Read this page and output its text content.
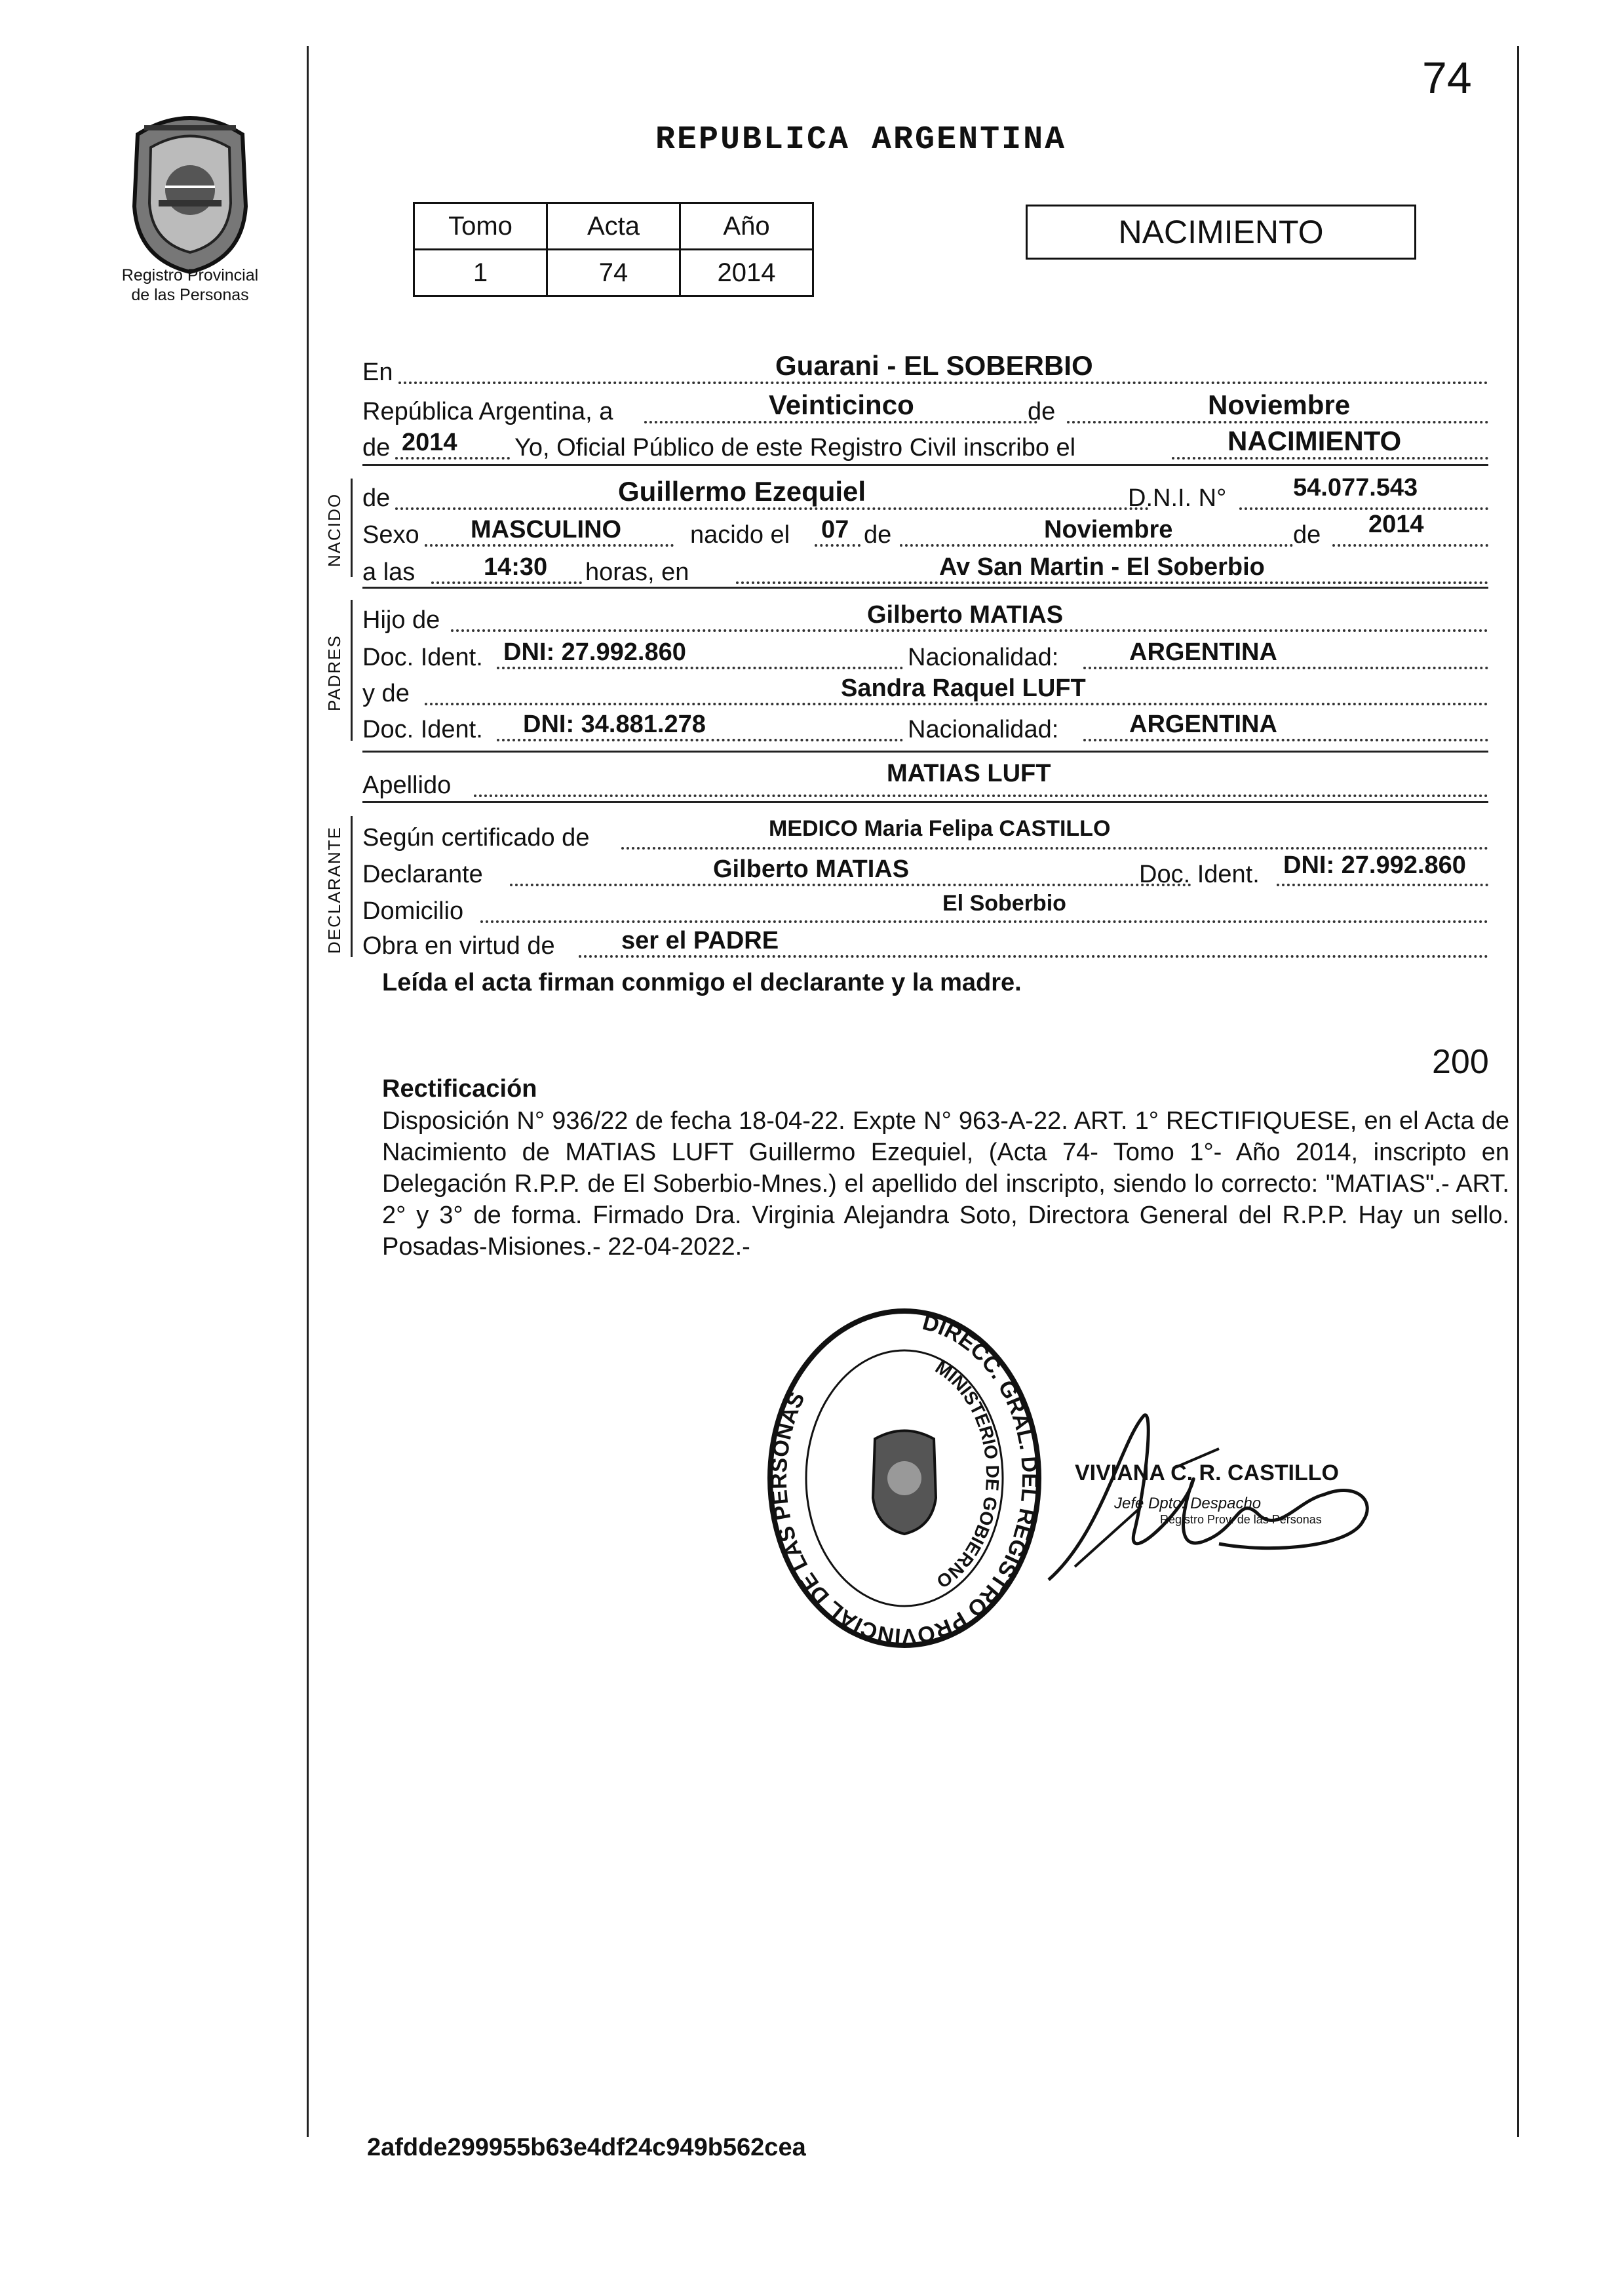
Registro Provincial
de las Personas
74
REPUBLICA ARGENTINA
Tomo	Acta	Año
1	74	2014
NACIMIENTO
En	Guarani - EL SOBERBIO
República Argentina, a	Veinticinco	de	Noviembre
de 2014 Yo, Oficial Público de este Registro Civil inscribo el	NACIMIENTO
NACIDO de	Guillermo Ezequiel	D.N.I. N°	54.077.543
Sexo MASCULINO	nacido el 07 de	Noviembre	de 2014
a las	14:30 horas, en	Av San Martin - El Soberbio
PADRES
Hijo de	Gilberto MATIAS
Doc. Ident. DNI: 27.992.860	Nacionalidad:	ARGENTINA
y de	Sandra Raquel LUFT
Doc. Ident. DNI: 34.881.278	Nacionalidad:	ARGENTINA
Apellido	MATIAS LUFT
DECLARANTE Según certificado de	MEDICO Maria Felipa CASTILLO
Declarante	Gilberto MATIAS	Doc. Ident. DNI: 27.992.860
Domicilio	El Soberbio
Obra en virtud de	ser el PADRE
Leída el acta firman conmigo el declarante y la madre.
200
Rectificación
Disposición N° 936/22 de fecha 18-04-22. Expte N° 963-A-22. ART. 1° RECTIFIQUESE, en el Acta de Nacimiento de MATIAS LUFT Guillermo Ezequiel, (Acta 74- Tomo 1°- Año 2014, inscripto en Delegación R.P.P. de El Soberbio-Mnes.) el apellido del inscripto, siendo lo correcto: "MATIAS".- ART. 2° y 3° de forma. Firmado Dra. Virginia Alejandra Soto, Directora General del R.P.P. Hay un sello. Posadas-Misiones.- 22-04-2022.-
DIRECC. GRAL. DEL REGISTRO PROVINCIAL DE LAS PERSONAS
MINISTERIO DE GOBIERNO
VIVIANA C. R. CASTILLO
Jefe Dpto. Despacho
Registro Prov. de las Personas
2afdde299955b63e4df24c949b562cea
